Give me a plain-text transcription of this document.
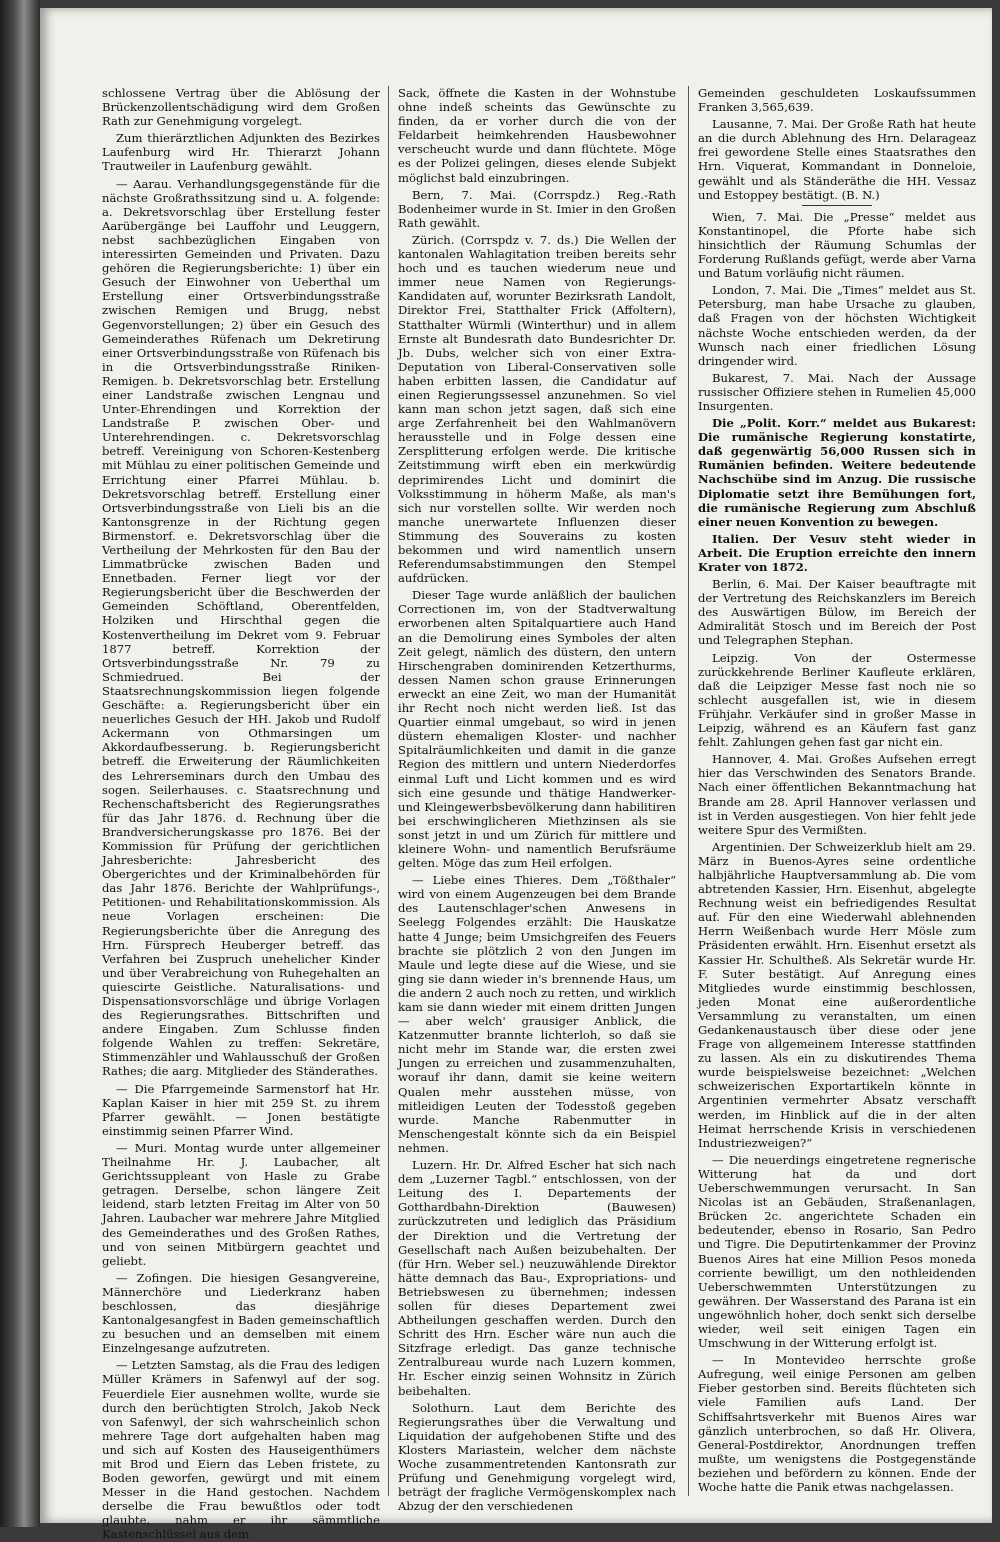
schlossene Vertrag über die Ablösung der Brückenzollentschädigung wird dem Großen Rath zur Genehmigung vorgelegt.

Zum thierärztlichen Adjunkten des Bezirkes Laufenburg wird Hr. Thierarzt Johann Trautweiler in Laufenburg gewählt.

— Aarau. Verhandlungsgegenstände für die nächste Großrathssitzung sind u. A. folgende: a. Dekretsvorschlag über Erstellung fester Aarübergänge bei Lauffohr und Leuggern, nebst sachbezüglichen Eingaben von interessirten Gemeinden und Privaten. Dazu gehören die Regierungsberichte: 1) über ein Gesuch der Einwohner von Ueberthal um Erstellung einer Ortsverbindungsstraße zwischen Remigen und Brugg, nebst Gegenvorstellungen; 2) über ein Gesuch des Gemeinderathes Rüfenach um Dekretirung einer Ortsverbindungsstraße von Rüfenach bis in die Ortsverbindungsstraße Riniken-Remigen. b. Dekretsvorschlag betr. Erstellung einer Landstraße zwischen Lengnau und Unter-Ehrendingen und Korrektion der Landstraße P. zwischen Ober- und Unterehrendingen. c. Dekretsvorschlag betreff. Vereinigung von Schoren-Kestenberg mit Mühlau zu einer politischen Gemeinde und Errichtung einer Pfarrei Mühlau. b. Dekretsvorschlag betreff. Erstellung einer Ortsverbindungsstraße von Lieli bis an die Kantonsgrenze in der Richtung gegen Birmenstorf. e. Dekretsvorschlag über die Vertheilung der Mehrkosten für den Bau der Limmatbrücke zwischen Baden und Ennetbaden. Ferner liegt vor der Regierungsbericht über die Beschwerden der Gemeinden Schöftland, Oberentfelden, Holziken und Hirschthal gegen die Kostenvertheilung im Dekret vom 9. Februar 1877 betreff. Korrektion der Ortsverbindungsstraße Nr. 79 zu Schmiedrued. Bei der Staatsrechnungskommission liegen folgende Geschäfte: a. Regierungsbericht über ein neuerliches Gesuch der HH. Jakob und Rudolf Ackermann von Othmarsingen um Akkordaufbesserung. b. Regierungsbericht betreff. die Erweiterung der Räumlichkeiten des Lehrerseminars durch den Umbau des sogen. Seilerhauses. c. Staatsrechnung und Rechenschaftsbericht des Regierungsrathes für das Jahr 1876. d. Rechnung über die Brandversicherungskasse pro 1876. Bei der Kommission für Prüfung der gerichtlichen Jahresberichte: Jahresbericht des Obergerichtes und der Kriminalbehörden für das Jahr 1876. Berichte der Wahlprüfungs-, Petitionen- und Rehabilitationskommission. Als neue Vorlagen erscheinen: Die Regierungsberichte über die Anregung des Hrn. Fürsprech Heuberger betreff. das Verfahren bei Zuspruch unehelicher Kinder und über Verabreichung von Ruhegehalten an quiescirte Geistliche. Naturalisations- und Dispensationsvorschläge und übrige Vorlagen des Regierungsrathes. Bittschriften und andere Eingaben. Zum Schlusse finden folgende Wahlen zu treffen: Sekretäre, Stimmenzähler und Wahlausschuß der Großen Rathes; die aarg. Mitglieder des Ständerathes.

— Die Pfarrgemeinde Sarmenstorf hat Hr. Kaplan Kaiser in hier mit 259 St. zu ihrem Pfarrer gewählt. — Jonen bestätigte einstimmig seinen Pfarrer Wind.

— Muri. Montag wurde unter allgemeiner Theilnahme Hr. J. Laubacher, alt Gerichtssuppleant von Hasle zu Grabe getragen. Derselbe, schon längere Zeit leidend, starb letzten Freitag im Alter von 50 Jahren. Laubacher war mehrere Jahre Mitglied des Gemeinderathes und des Großen Rathes, und von seinen Mitbürgern geachtet und geliebt.

— Zofingen. Die hiesigen Gesangvereine, Männerchöre und Liederkranz haben beschlossen, das diesjährige Kantonalgesangfest in Baden gemeinschaftlich zu besuchen und an demselben mit einem Einzelngesange aufzutreten.

— Letzten Samstag, als die Frau des ledigen Müller Krämers in Safenwyl auf der sog. Feuerdiele Eier ausnehmen wollte, wurde sie durch den berüchtigten Strolch, Jakob Neck von Safenwyl, der sich wahrscheinlich schon mehrere Tage dort aufgehalten haben mag und sich auf Kosten des Hauseigenthümers mit Brod und Eiern das Leben fristete, zu Boden geworfen, gewürgt und mit einem Messer in die Hand gestochen. Nachdem derselbe die Frau bewußtlos oder todt glaubte, nahm er ihr sämmtliche Kastenschlüssel aus dem

Sack, öffnete die Kasten in der Wohnstube ohne indeß scheints das Gewünschte zu finden, da er vorher durch die von der Feldarbeit heimkehrenden Hausbewohner verscheucht wurde und dann flüchtete. Möge es der Polizei gelingen, dieses elende Subjekt möglichst bald einzubringen.

Bern, 7. Mai. (Corrspdz.) Reg.-Rath Bodenheimer wurde in St. Imier in den Großen Rath gewählt.

Zürich. (Corrspdz v. 7. ds.) Die Wellen der kantonalen Wahlagitation treiben bereits sehr hoch und es tauchen wiederum neue und immer neue Namen von Regierungs-Kandidaten auf, worunter Bezirksrath Landolt, Direktor Frei, Statthalter Frick (Affoltern), Statthalter Würmli (Winterthur) und in allem Ernste alt Bundesrath dato Bundesrichter Dr. Jb. Dubs, welcher sich von einer Extra-Deputation von Liberal-Conservativen solle haben erbitten lassen, die Candidatur auf einen Regierungssessel anzunehmen. So viel kann man schon jetzt sagen, daß sich eine arge Zerfahrenheit bei den Wahlmanövern herausstelle und in Folge dessen eine Zersplitterung erfolgen werde. Die kritische Zeitstimmung wirft eben ein merkwürdig deprimirendes Licht und dominirt die Volksstimmung in höherm Maße, als man's sich nur vorstellen sollte. Wir werden noch manche unerwartete Influenzen dieser Stimmung des Souverains zu kosten bekommen und wird namentlich unsern Referendumsabstimmungen den Stempel aufdrücken.

Dieser Tage wurde anläßlich der baulichen Correctionen im, von der Stadtverwaltung erworbenen alten Spitalquartiere auch Hand an die Demolirung eines Symboles der alten Zeit gelegt, nämlich des düstern, den untern Hirschengraben dominirenden Ketzerthurms, dessen Namen schon grause Erinnerungen erweckt an eine Zeit, wo man der Humanität ihr Recht noch nicht werden ließ. Ist das Quartier einmal umgebaut, so wird in jenen düstern ehemaligen Kloster- und nachher Spitalräumlichkeiten und damit in die ganze Region des mittlern und untern Niederdorfes einmal Luft und Licht kommen und es wird sich eine gesunde und thätige Handwerker- und Kleingewerbsbevölkerung dann habilitiren bei erschwinglicheren Miethzinsen als sie sonst jetzt in und um Zürich für mittlere und kleinere Wohn- und namentlich Berufsräume gelten. Möge das zum Heil erfolgen.

— Liebe eines Thieres. Dem „Tößthaler“ wird von einem Augenzeugen bei dem Brande des Lautenschlager'schen Anwesens in Seelegg Folgendes erzählt: Die Hauskatze hatte 4 Junge; beim Umsichgreifen des Feuers brachte sie plötzlich 2 von den Jungen im Maule und legte diese auf die Wiese, und sie ging sie dann wieder in's brennende Haus, um die andern 2 auch noch zu retten, und wirklich kam sie dann wieder mit einem dritten Jungen — aber welch' grausiger Anblick, die Katzenmutter brannte lichterloh, so daß sie nicht mehr im Stande war, die ersten zwei Jungen zu erreichen und zusammenzuhalten, worauf ihr dann, damit sie keine weitern Qualen mehr ausstehen müsse, von mitleidigen Leuten der Todesstoß gegeben wurde. Manche Rabenmutter in Menschengestalt könnte sich da ein Beispiel nehmen.

Luzern. Hr. Dr. Alfred Escher hat sich nach dem „Luzerner Tagbl.“ entschlossen, von der Leitung des I. Departements der Gotthardbahn-Direktion (Bauwesen) zurückzutreten und lediglich das Präsidium der Direktion und die Vertretung der Gesellschaft nach Außen beizubehalten. Der (für Hrn. Weber sel.) neuzuwählende Direktor hätte demnach das Bau-, Expropriations- und Betriebswesen zu übernehmen; indessen sollen für dieses Departement zwei Abtheilungen geschaffen werden. Durch den Schritt des Hrn. Escher wäre nun auch die Sitzfrage erledigt. Das ganze technische Zentralbureau wurde nach Luzern kommen, Hr. Escher einzig seinen Wohnsitz in Zürich beibehalten.

Solothurn. Laut dem Berichte des Regierungsrathes über die Verwaltung und Liquidation der aufgehobenen Stifte und des Klosters Mariastein, welcher dem nächste Woche zusammentretenden Kantonsrath zur Prüfung und Genehmigung vorgelegt wird, beträgt der fragliche Vermögenskomplex nach Abzug der den verschiedenen

Gemeinden geschuldeten Loskaufssummen Franken 3,565,639.

Lausanne, 7. Mai. Der Große Rath hat heute an die durch Ablehnung des Hrn. Delarageaz frei gewordene Stelle eines Staatsrathes den Hrn. Viquerat, Kommandant in Donneloie, gewählt und als Ständeräthe die HH. Vessaz und Estoppey bestätigt. (B. N.)

Wien, 7. Mai. Die „Presse“ meldet aus Konstantinopel, die Pforte habe sich hinsichtlich der Räumung Schumlas der Forderung Rußlands gefügt, werde aber Varna und Batum vorläufig nicht räumen.

London, 7. Mai. Die „Times“ meldet aus St. Petersburg, man habe Ursache zu glauben, daß Fragen von der höchsten Wichtigkeit nächste Woche entschieden werden, da der Wunsch nach einer friedlichen Lösung dringender wird.

Bukarest, 7. Mai. Nach der Aussage russischer Offiziere stehen in Rumelien 45,000 Insurgenten.

Die „Polit. Korr.“ meldet aus Bukarest: Die rumänische Regierung konstatirte, daß gegenwärtig 56,000 Russen sich in Rumänien befinden. Weitere bedeutende Nachschübe sind im Anzug. Die russische Diplomatie setzt ihre Bemühungen fort, die rumänische Regierung zum Abschluß einer neuen Konvention zu bewegen.

Italien. Der Vesuv steht wieder in Arbeit. Die Eruption erreichte den innern Krater von 1872.

Berlin, 6. Mai. Der Kaiser beauftragte mit der Vertretung des Reichskanzlers im Bereich des Auswärtigen Bülow, im Bereich der Admiralität Stosch und im Bereich der Post und Telegraphen Stephan.

Leipzig. Von der Ostermesse zurückkehrende Berliner Kaufleute erklären, daß die Leipziger Messe fast noch nie so schlecht ausgefallen ist, wie in diesem Frühjahr. Verkäufer sind in großer Masse in Leipzig, während es an Käufern fast ganz fehlt. Zahlungen gehen fast gar nicht ein.

Hannover, 4. Mai. Großes Aufsehen erregt hier das Verschwinden des Senators Brande. Nach einer öffentlichen Bekanntmachung hat Brande am 28. April Hannover verlassen und ist in Verden ausgestiegen. Von hier fehlt jede weitere Spur des Vermißten.

Argentinien. Der Schweizerklub hielt am 29. März in Buenos-Ayres seine ordentliche halbjährliche Hauptversammlung ab. Die vom abtretenden Kassier, Hrn. Eisenhut, abgelegte Rechnung weist ein befriedigendes Resultat auf. Für den eine Wiederwahl ablehnenden Herrn Weißenbach wurde Herr Mösle zum Präsidenten erwählt. Hrn. Eisenhut ersetzt als Kassier Hr. Schultheß. Als Sekretär wurde Hr. F. Suter bestätigt. Auf Anregung eines Mitgliedes wurde einstimmig beschlossen, jeden Monat eine außerordentliche Versammlung zu veranstalten, um einen Gedankenaustausch über diese oder jene Frage von allgemeinem Interesse stattfinden zu lassen. Als ein zu diskutirendes Thema wurde beispielsweise bezeichnet: „Welchen schweizerischen Exportartikeln könnte in Argentinien vermehrter Absatz verschafft werden, im Hinblick auf die in der alten Heimat herrschende Krisis in verschiedenen Industriezweigen?“

— Die neuerdings eingetretene regnerische Witterung hat da und dort Ueberschwemmungen verursacht. In San Nicolas ist an Gebäuden, Straßenanlagen, Brücken 2c. angerichtete Schaden ein bedeutender, ebenso in Rosario, San Pedro und Tigre. Die Deputirtenkammer der Provinz Buenos Aires hat eine Million Pesos moneda corriente bewilligt, um den nothleidenden Ueberschwemmten Unterstützungen zu gewähren. Der Wasserstand des Parana ist ein ungewöhnlich hoher, doch senkt sich derselbe wieder, weil seit einigen Tagen ein Umschwung in der Witterung erfolgt ist.

— In Montevideo herrschte große Aufregung, weil einige Personen am gelben Fieber gestorben sind. Bereits flüchteten sich viele Familien aufs Land. Der Schiffsahrtsverkehr mit Buenos Aires war gänzlich unterbrochen, so daß Hr. Olivera, General-Postdirektor, Anordnungen treffen mußte, um wenigstens die Postgegenstände beziehen und befördern zu können. Ende der Woche hatte die Panik etwas nachgelassen.
